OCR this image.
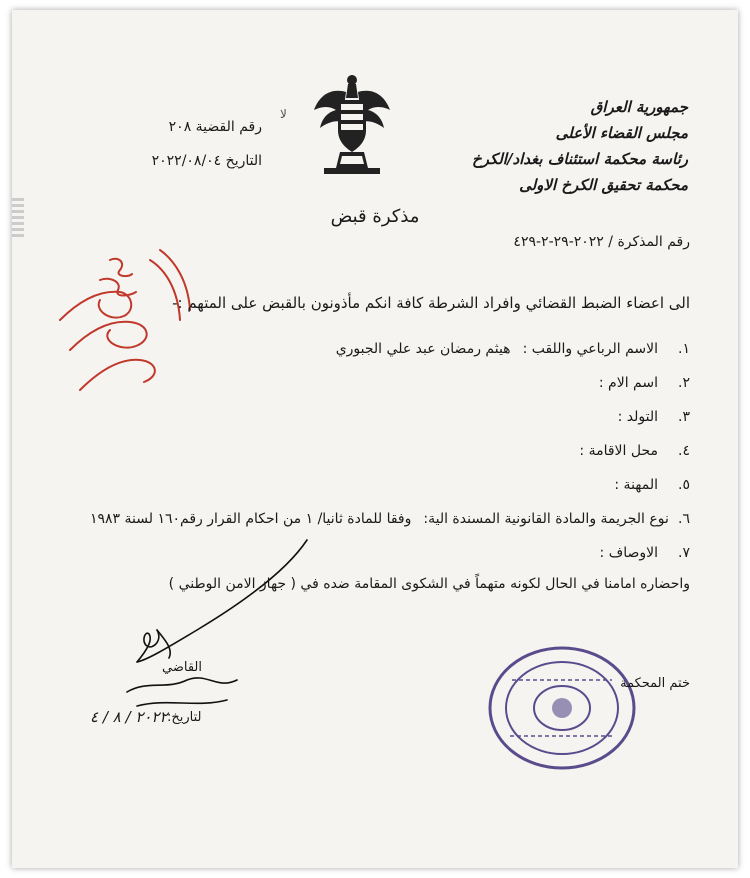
جمهورية العراق
مجلس القضاء الأعلى
رئاسة محكمة استئناف بغداد/الكرخ
محكمة تحقيق الكرخ الاولى
ﻻ
رقم القضية ٢٠٨
التاريخ ٢٠٢٢/٠٨/٠٤
مذكرة قبض
رقم المذكرة / ٢٠٢٢-٢٩-٢-٤٢٩
الى اعضاء الضبط القضائي وافراد الشرطة كافة انكم مأذونون بالقبض على المتهم :-
١.
الاسم الرباعي واللقب :
هيثم رمضان عبد علي الجبوري
٢.
اسم الام :
٣.
التولد :
٤.
محل الاقامة :
٥.
المهنة :
٦.
نوع الجريمة والمادة القانونية المسندة الية:
وفقا للمادة ثانيا/ ١ من احكام القرار رقم١٦٠ لسنة ١٩٨٣
٧.
الاوصاف :
واحضاره امامنا في الحال لكونه متهماً في الشكوى المقامة ضده في ( جهاز الامن الوطني )
القاضي
لتاريخ:
٢٠٢٢ / ٨ / ٤
ختم المحكمة
